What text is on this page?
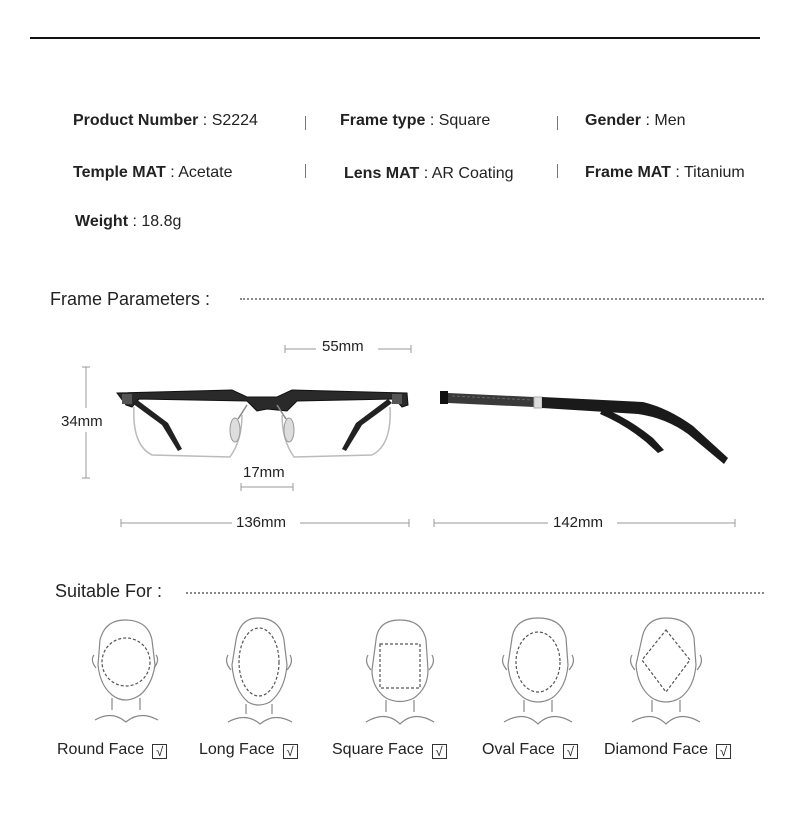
Product Number : S2224	Frame type : Square	Gender : Men
Temple MAT : Acetate	Lens MAT : AR Coating	Frame MAT : Titanium
Weight : 18.8g
Frame Parameters :
55mm
34mm
17mm
136mm	142mm
Suitable For :
Round Face √ Long Face √ Square Face √ Oval Face √ Diamond Face √
